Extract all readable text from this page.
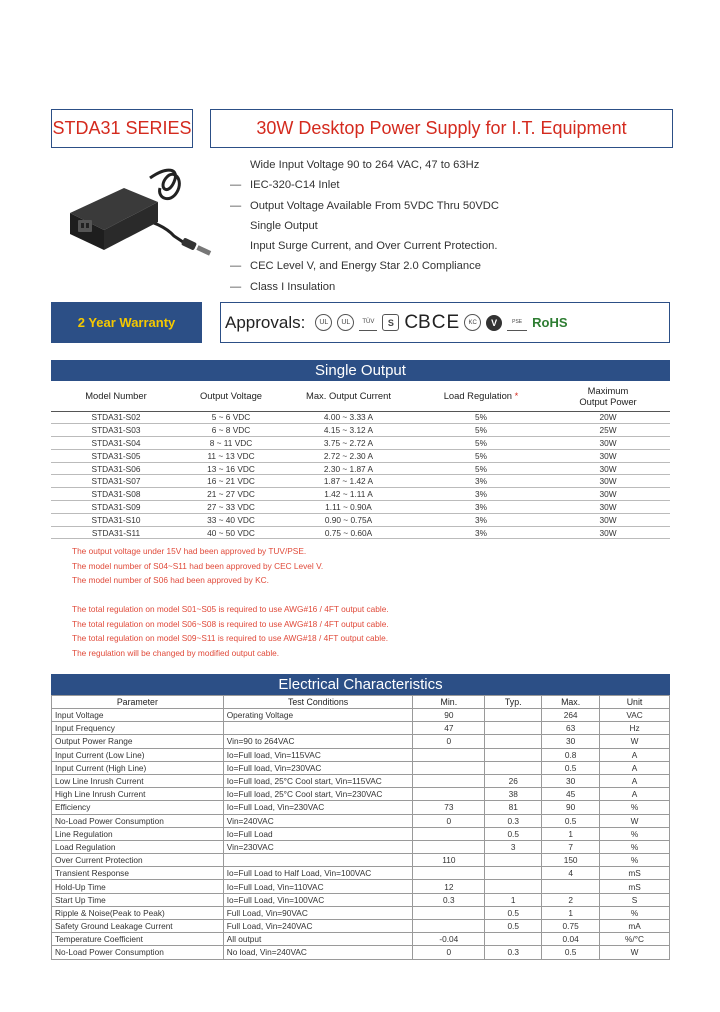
STDA31 SERIES	30W Desktop Power Supply for I.T. Equipment
Wide Input Voltage 90 to 264 VAC, 47 to 63Hz
— IEC-320-C14 Inlet
— Output Voltage Available From 5VDC Thru 50VDC
Single Output
Input Surge Current, and Over Current Protection.
— CEC Level V, and Energy Star 2.0 Compliance
— Class I Insulation
2 Year Warranty	Approvals: UL UL TÜV S CB C E KC V	PSE RoHS
Single Output
Model Number	Output Voltage	Max. Output Current	Load Regulation *	Maximum
Output Power
STDA31-S02	5 ~ 6 VDC	4.00 ~ 3.33 A	5%	20W
STDA31-S03	6 ~ 8 VDC	4.15 ~ 3.12 A	5%	25W
STDA31-S04	8 ~ 11 VDC	3.75 ~ 2.72 A	5%	30W
STDA31-S05	11 ~ 13 VDC	2.72 ~ 2.30 A	5%	30W
STDA31-S06	13 ~ 16 VDC	2.30 ~ 1.87 A	5%	30W
STDA31-S07	16 ~ 21 VDC	1.87 ~ 1.42 A	3%	30W
STDA31-S08	21 ~ 27 VDC	1.42 ~ 1.11 A	3%	30W
STDA31-S09	27 ~ 33 VDC	1.11 ~ 0.90A	3%	30W
STDA31-S10	33 ~ 40 VDC	0.90 ~ 0.75A	3%	30W
STDA31-S11	40 ~ 50 VDC	0.75 ~ 0.60A	3%	30W
The output voltage under 15V had been approved by TUV/PSE.
The model number of S04~S11 had been approved by CEC Level V.
The model number of S06 had been approved by KC.
The total regulation on model S01~S05 is required to use AWG#16 / 4FT output cable.
The total regulation on model S06~S08 is required to use AWG#18 / 4FT output cable.
The total regulation on model S09~S11 is required to use AWG#18 / 4FT output cable.
The regulation will be changed by modified output cable.
Electrical Characteristics
Parameter	Test Conditions	Min.	Typ.	Max.	Unit
Input Voltage	Operating Voltage	90		264	VAC
Input Frequency		47		63	Hz
Output Power Range	Vin=90 to 264VAC	0		30	W
Input Current (Low Line)	Io=Full load, Vin=115VAC			0.8	A
Input Current (High Line)	Io=Full load, Vin=230VAC			0.5	A
Low Line Inrush Current	Io=Full load, 25°C Cool start, Vin=115VAC		26	30	A
High Line Inrush Current	Io=Full load, 25°C Cool start, Vin=230VAC		38	45	A
Efficiency	Io=Full Load, Vin=230VAC	73	81	90	%
No-Load Power Consumption	Vin=240VAC	0	0.3	0.5	W
Line Regulation	Io=Full Load		0.5	1	%
Load Regulation	Vin=230VAC		3	7	%
Over Current Protection		110		150	%
Transient Response	Io=Full Load to Half Load, Vin=100VAC			4	mS
Hold-Up Time	Io=Full Load, Vin=110VAC	12			mS
Start Up Time	Io=Full Load, Vin=100VAC	0.3	1	2	S
Ripple & Noise(Peak to Peak)	Full Load, Vin=90VAC		0.5	1	%
Safety Ground Leakage Current	Full Load, Vin=240VAC		0.5	0.75	mA
Temperature Coefficient	All output	-0.04		0.04	%/°C
No-Load Power Consumption	No load, Vin=240VAC	0	0.3	0.5	W
